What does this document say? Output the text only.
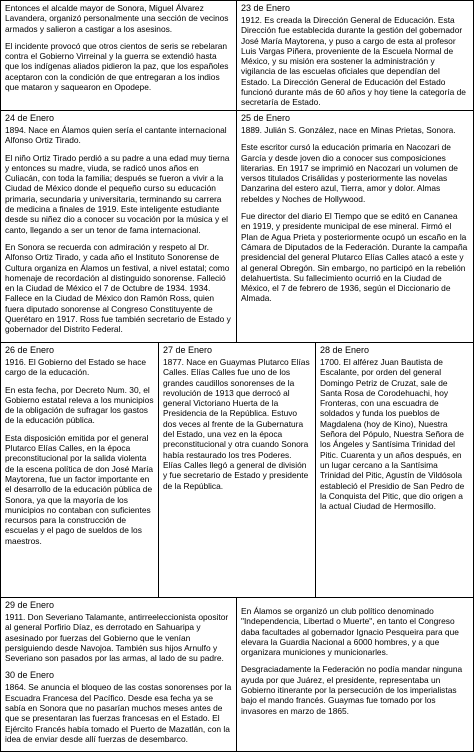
Entonces el alcalde mayor de Sonora, Miguel Álvarez Lavandera, organizó personalmente una sección de vecinos armados y salieron a castigar a los asesinos.
El incidente provocó que otros cientos de seris se rebelaran contra el Gobierno Virreinal y la guerra se extendió hasta que los indígenas aliados pidieron la paz, que los españoles aceptaron con la condición de que entregaran a los indios que mataron y saquearon en Opodepe.
23 de Enero
1912. Es creada la Dirección General de Educación. Esta Dirección fue establecida durante la gestión del gobernador José María Maytorena, y puso a cargo de esta al profesor Luis Vargas Piñera, proveniente de la Escuela Normal de México, y su misión era sostener la administración y vigilancia de las escuelas oficiales que dependían del Estado. La Dirección General de Educación del Estado funcionó durante más de 60 años y hoy tiene la categoría de secretaría de Estado.
24 de Enero
1894. Nace en Álamos quien sería el cantante internacional Alfonso Ortiz Tirado.
El niño Ortiz Tirado perdió a su padre a una edad muy tierna y entonces su madre, viuda, se radicó unos años en Culiacán, con toda la familia; después se fueron a vivir a la Ciudad de México donde el pequeño curso su educación primaria, secundaria y universitaria, terminando su carrera de medicina a finales de 1919. Este inteligente estudiante desde su niñez dio a conocer su vocación por la música y el canto, llegando a ser un tenor de fama internacional.
En Sonora se recuerda con admiración y respeto al Dr. Alfonso Ortiz Tirado, y cada año el Instituto Sonorense de Cultura organiza en Álamos un festival, a nivel estatal; como homenaje de recordación al distinguido sonorense. Falleció en la Ciudad de México el 7 de Octubre de 1934. 1934. Fallece en la Ciudad de México don Ramón Ross, quien fuera diputado sonorense al Congreso Constituyente de Querétaro en 1917. Ross fue también secretario de Estado y gobernador del Distrito Federal.
25 de Enero
1889. Julián S. González, nace en Minas Prietas, Sonora.
Este escritor cursó la educación primaria en Nacozari de García y desde joven dio a conocer sus composiciones literarias. En 1917 se imprimió en Nacozari un volumen de versos titulados Crisálidas y posteriormente las novelas Danzarina del estero azul, Tierra, amor y dolor. Almas rebeldes y Noches de Hollywood.
Fue director del diario El Tiempo que se editó en Cananea en 1919, y presidente municipal de ese mineral. Firmó el Plan de Agua Prieta y posteriormente ocupó un escaño en la Cámara de Diputados de la Federación. Durante la campaña presidencial del general Plutarco Elías Calles atacó a este y al general Obregón. Sin embargo, no participó en la rebelión delahuertista. Su fallecimiento ocurrió en la Ciudad de México, el 7 de febrero de 1936, según el Diccionario de Almada.
26 de Enero
1916. El Gobierno del Estado se hace cargo de la educación.
En esta fecha, por Decreto Num. 30, el Gobierno estatal releva a los municipios de la obligación de sufragar los gastos de la educación pública.
Esta disposición emitida por el general Plutarco Elías Calles, en la época preconstitucional por la salida violenta de la escena política de don José María Maytorena, fue un factor importante en el desarrollo de la educación pública de Sonora, ya que la mayoría de los municipios no contaban con suficientes recursos para la construcción de escuelas y el pago de sueldos de los maestros.
27 de Enero
1877. Nace en Guaymas Plutarco Elías Calles. Elías Calles fue uno de los grandes caudillos sonorenses de la revolución de 1913 que derrocó al general Victoriano Huerta de la Presidencia de la República. Estuvo dos veces al frente de la Gubernatura del Estado, una vez en la época preconstitucional y otra cuando Sonora había restaurado los tres Poderes. Elías Calles llegó a general de división y fue secretario de Estado y presidente de la República.
28 de Enero
1700. El alférez Juan Bautista de Escalante, por orden del general Domingo Petriz de Cruzat, sale de Santa Rosa de Corodehuachi, hoy Fronteras, con una escuadra de soldados y funda los pueblos de Magdalena (hoy de Kino), Nuestra Señora del Pópulo, Nuestra Señora de los Ángeles y Santísima Trinidad del Pitic. Cuarenta y un años después, en un lugar cercano a la Santísima Trinidad del Pitic, Agustín de Vildósola estableció el Presidio de San Pedro de la Conquista del Pitic, que dio origen a la actual Ciudad de Hermosillo.
29 de Enero
1911. Don Severiano Talamante, antirreeleccionista opositor al general Porfirio Díaz, es derrotado en Sahuaripa y asesinado por fuerzas del Gobierno que le venían persiguiendo desde Navojoa. También sus hijos Arnulfo y Severiano son pasados por las armas, al lado de su padre.
30 de Enero
1864. Se anuncia el bloqueo de las costas sonorenses por la Escuadra Francesa del Pacífico. Desde esa fecha ya se sabía en Sonora que no pasarían muchos meses antes de que se presentaran las fuerzas francesas en el Estado. El Ejército Francés había tomado el Puerto de Mazatlán, con la idea de enviar desde allí fuerzas de desembarco.
En Álamos se organizó un club político denominado "Independencia, Libertad o Muerte", en tanto el Congreso daba facultades al gobernador Ignacio Pesqueira para que elevara la Guardia Nacional a 6000 hombres, y a que organizara municiones y municionarles.
Desgraciadamente la Federación no podía mandar ninguna ayuda por que Juárez, el presidente, representaba un Gobierno itinerante por la persecución de los imperialistas bajo el mando francés. Guaymas fue tomado por los invasores en marzo de 1865.
